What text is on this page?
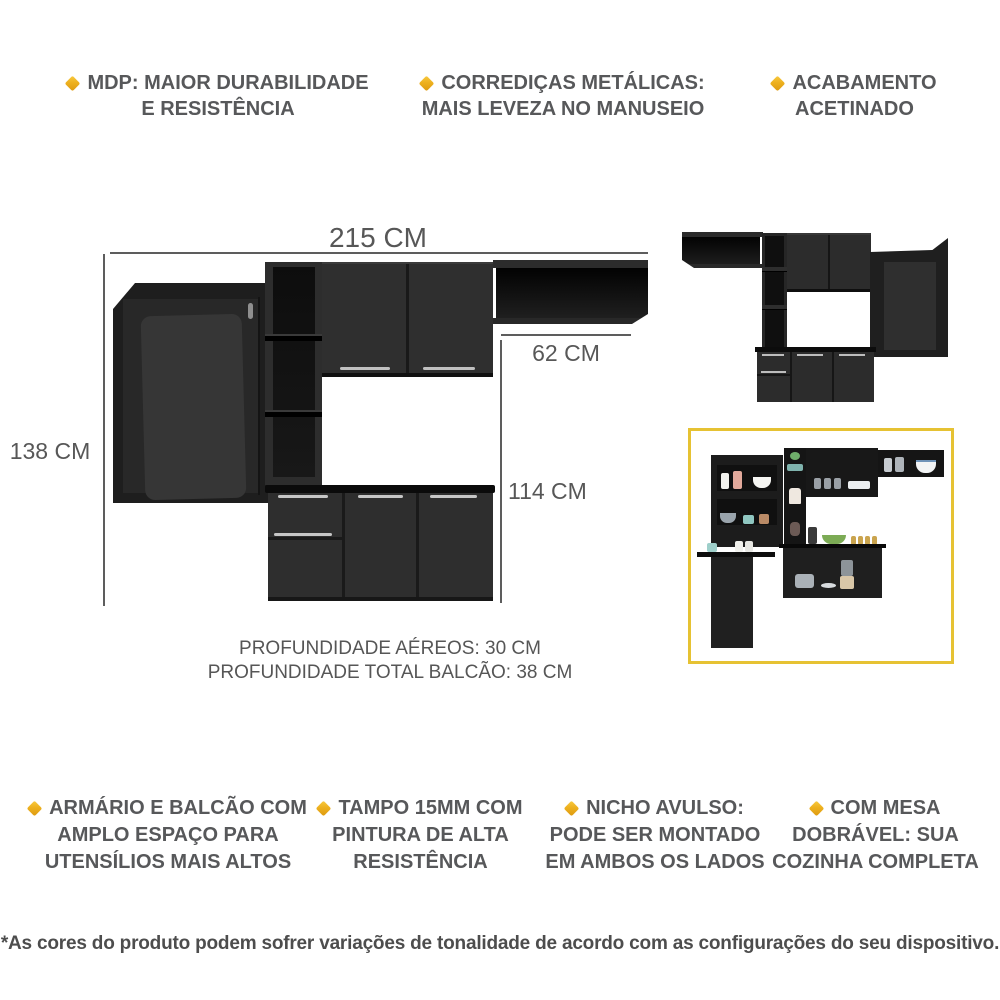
MDP: MAIOR DURABILIDADE
E RESISTÊNCIA
CORREDIÇAS METÁLICAS:
MAIS LEVEZA NO MANUSEIO
ACABAMENTO
ACETINADO
215 CM
138 CM
62 CM
114 CM
PROFUNDIDADE AÉREOS: 30 CM
PROFUNDIDADE TOTAL BALCÃO: 38 CM
ARMÁRIO E BALCÃO COM
AMPLO ESPAÇO PARA
UTENSÍLIOS MAIS ALTOS
TAMPO 15MM COM
PINTURA DE ALTA
RESISTÊNCIA
NICHO AVULSO:
PODE SER MONTADO
EM AMBOS OS LADOS
COM MESA
DOBRÁVEL: SUA
COZINHA COMPLETA
*As cores do produto podem sofrer variações de tonalidade de acordo com as configurações do seu dispositivo.
